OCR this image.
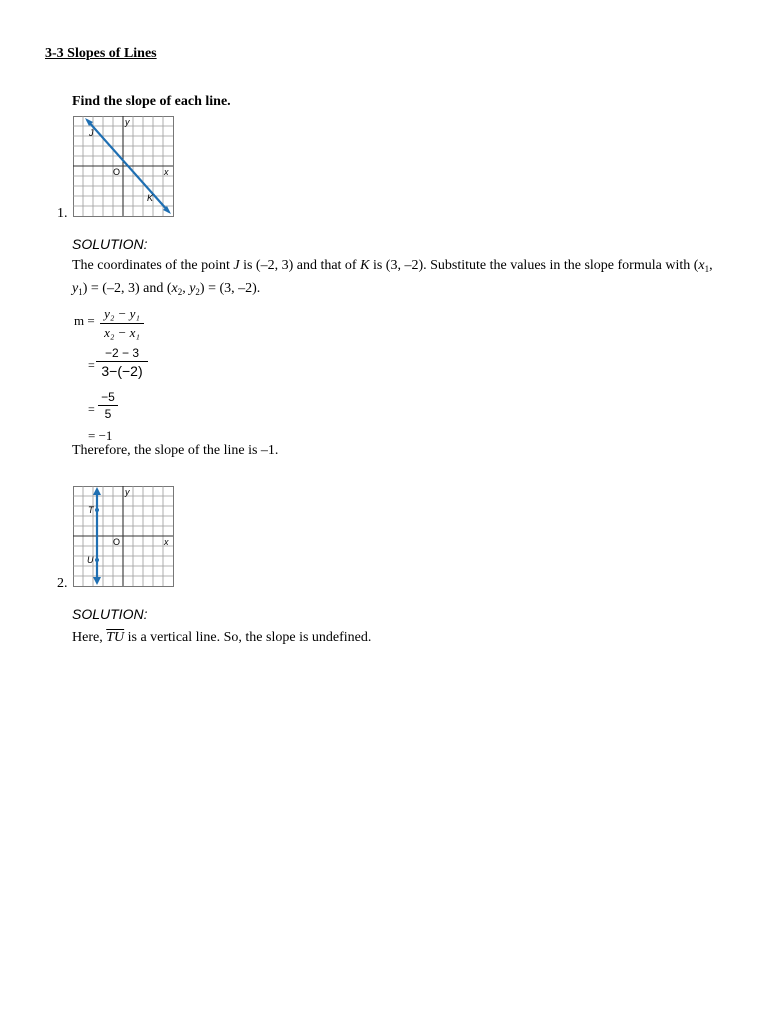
3-3 Slopes of Lines
Find the slope of each line.
J
K
y
x
O
1.
SOLUTION:
The coordinates of the point J is (–2, 3) and that of K is (3, –2). Substitute the values in the slope formula with ($x_1$,
$y_1) = (-2$, 3) and ($x_2$, $y_2) = (3$, –2).
m = y₂ − y₁
x₂ − x₁
=
−2 − 3
3−(−2)
=
−5
5
= −1
Therefore, the slope of the line is –1.
T
U
y
x
O
2.
SOLUTION:
Here, $\overline{TU}$ is a vertical line. So, the slope is undefined.
